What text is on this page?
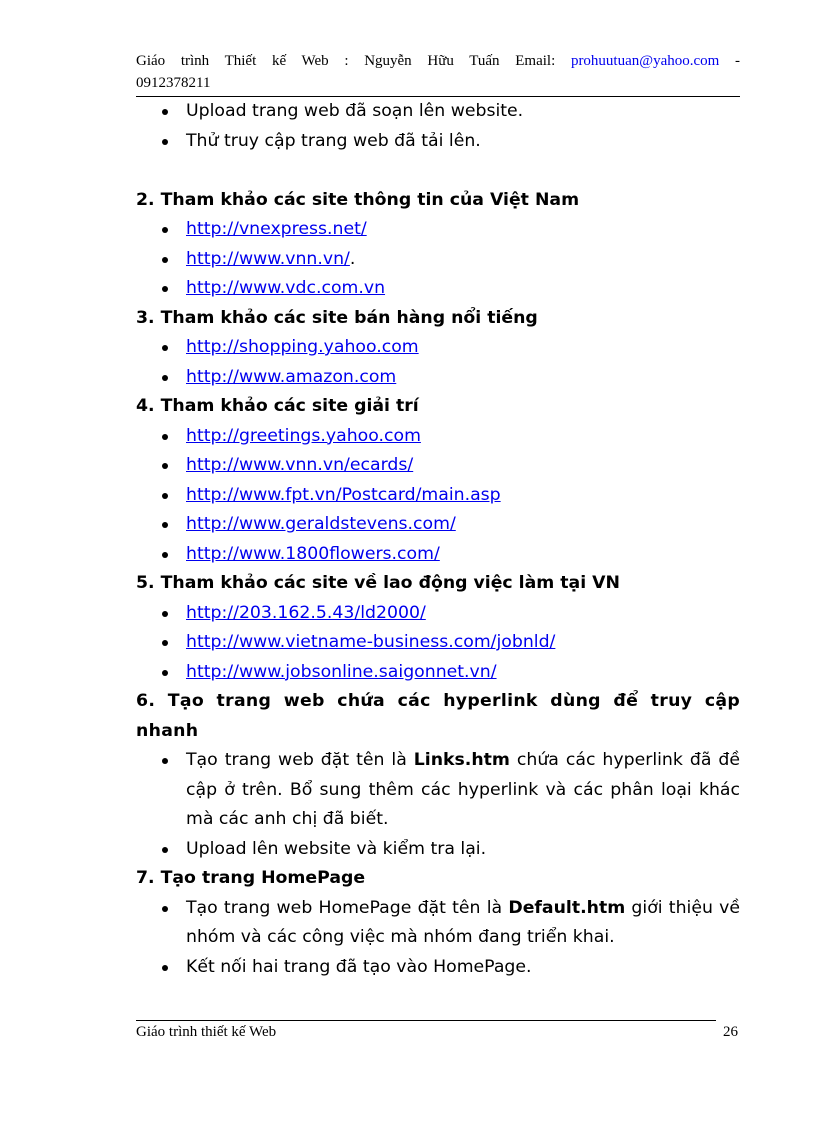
Giáo trình Thiết kế Web : Nguyễn Hữu Tuấn Email: prohuutuan@yahoo.com -
0912378211
Upload trang web đã soạn lên website.
Thử truy cập trang web đã tải lên.
2. Tham khảo các site thông tin của Việt Nam
http://vnexpress.net/
http://www.vnn.vn/.
http://www.vdc.com.vn
3. Tham khảo các site bán hàng nổi tiếng
http://shopping.yahoo.com
http://www.amazon.com
4. Tham khảo các site giải trí
http://greetings.yahoo.com
http://www.vnn.vn/ecards/
http://www.fpt.vn/Postcard/main.asp
http://www.geraldstevens.com/
http://www.1800flowers.com/
5. Tham khảo các site về lao động việc làm tại VN
http://203.162.5.43/ld2000/
http://www.vietname-business.com/jobnld/
http://www.jobsonline.saigonnet.vn/
6. Tạo trang web chứa các hyperlink dùng để truy cập nhanh
Tạo trang web đặt tên là Links.htm chứa các hyperlink đã đề cập ở trên. Bổ sung thêm các hyperlink và các phân loại khác mà các anh chị đã biết.
Upload lên website và kiểm tra lại.
7. Tạo trang HomePage
Tạo trang web HomePage đặt tên là Default.htm giới thiệu về nhóm và các công việc mà nhóm đang triển khai.
Kết nối hai trang đã tạo vào HomePage.
Giáo trình thiết kế Web	26
